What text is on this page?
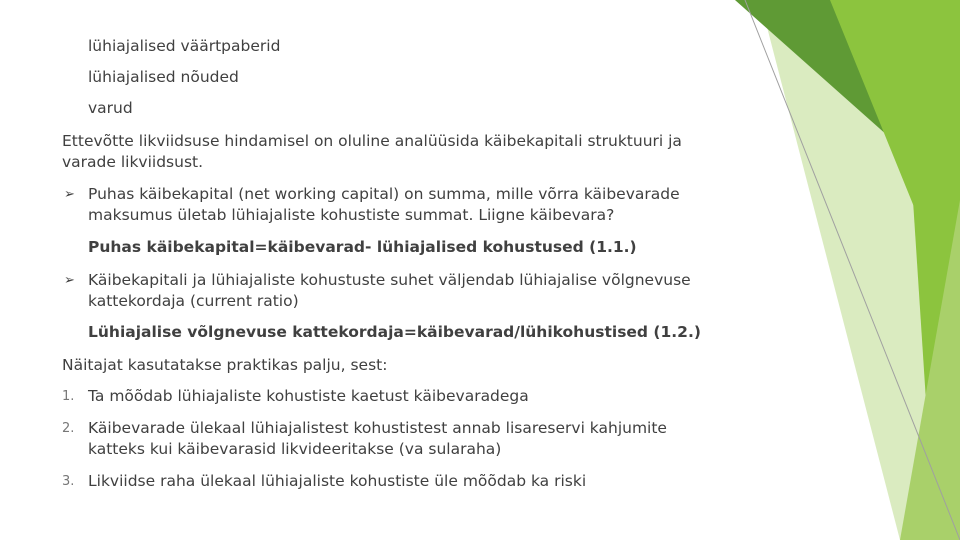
lühiajalised väärtpaberid
lühiajalised nõuded
varud
Ettevõtte likviidsuse hindamisel on oluline analüüsida käibekapitali struktuuri ja
varade likviidsust.
➢ Puhas käibekapital (net working capital) on summa, mille võrra käibevarade
maksumus ületab lühiajaliste kohustiste summat. Liigne käibevara?
Puhas käibekapital=käibevarad- lühiajalised kohustused (1.1.)
➢ Käibekapitali ja lühiajaliste kohustuste suhet väljendab lühiajalise võlgnevuse
kattekordaja (current ratio)
Lühiajalise võlgnevuse kattekordaja=käibevarad/lühikohustised (1.2.)
Näitajat kasutatakse praktikas palju, sest:
1. Ta mõõdab lühiajaliste kohustiste kaetust käibevaradega
2. Käibevarade ülekaal lühiajalistest kohustistest annab lisareservi kahjumite
katteks kui käibevarasid likvideeritakse (va sularaha)
3. Likviidse raha ülekaal lühiajaliste kohustiste üle mõõdab ka riski
